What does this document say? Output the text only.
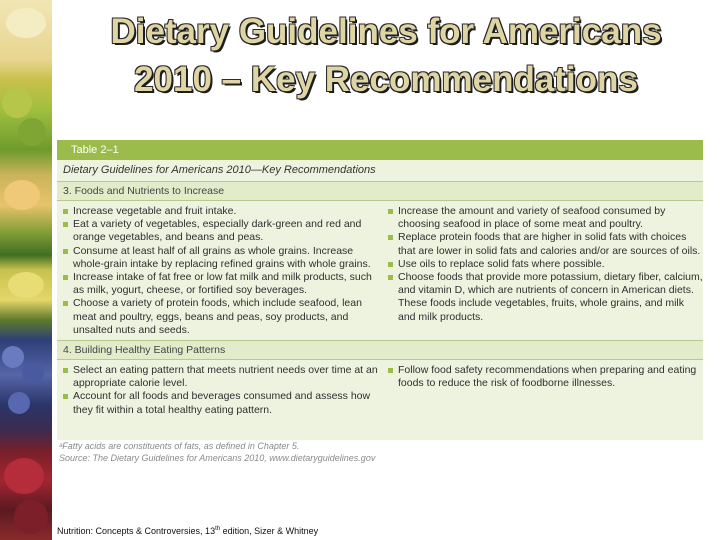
Dietary Guidelines for Americans
2010 – Key Recommendations
Table 2–1
Dietary Guidelines for Americans 2010—Key Recommendations
3. Foods and Nutrients to Increase
Increase vegetable and fruit intake.
Eat a variety of vegetables, especially dark-green and red and orange vegetables, and beans and peas.
Consume at least half of all grains as whole grains. Increase whole-grain intake by replacing refined grains with whole grains.
Increase intake of fat free or low fat milk and milk products, such as milk, yogurt, cheese, or fortified soy beverages.
Choose a variety of protein foods, which include seafood, lean meat and poultry, eggs, beans and peas, soy products, and unsalted nuts and seeds.
Increase the amount and variety of seafood consumed by choosing seafood in place of some meat and poultry.
Replace protein foods that are higher in solid fats with choices that are lower in solid fats and calories and/or are sources of oils.
Use oils to replace solid fats where possible.
Choose foods that provide more potassium, dietary fiber, calcium, and vitamin D, which are nutrients of concern in American diets. These foods include vegetables, fruits, whole grains, and milk and milk products.
4. Building Healthy Eating Patterns
Select an eating pattern that meets nutrient needs over time at an appropriate calorie level.
Account for all foods and beverages consumed and assess how they fit within a total healthy eating pattern.
Follow food safety recommendations when preparing and eating foods to reduce the risk of foodborne illnesses.
ᵃFatty acids are constituents of fats, as defined in Chapter 5.
Source: The Dietary Guidelines for Americans 2010, www.dietaryguidelines.gov
Nutrition: Concepts & Controversies, 13th edition, Sizer & Whitney
